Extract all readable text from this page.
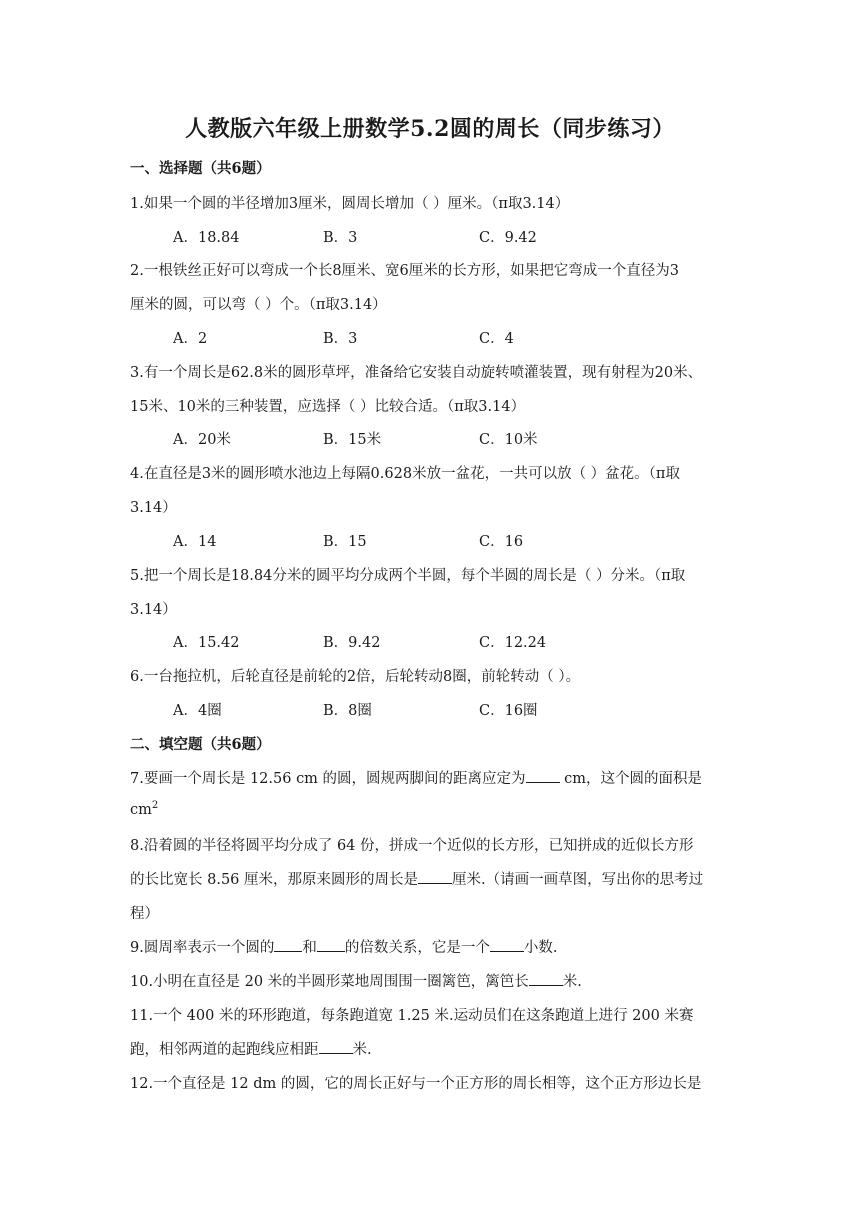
人教版六年级上册数学5.2圆的周长（同步练习）
一、选择题（共6题）
1.如果一个圆的半径增加3厘米，圆周长增加（ ）厘米。（π取3.14）
A．18.84	B．3	C．9.42
2.一根铁丝正好可以弯成一个长8厘米、宽6厘米的长方形，如果把它弯成一个直径为3
厘米的圆，可以弯（ ）个。（π取3.14）
A．2	B．3	C．4
3.有一个周长是62.8米的圆形草坪，准备给它安装自动旋转喷灌装置，现有射程为20米、
15米、10米的三种装置，应选择（ ）比较合适。（π取3.14）
A．20米	B．15米	C．10米
4.在直径是3米的圆形喷水池边上每隔0.628米放一盆花，一共可以放（ ）盆花。（π取
3.14）
A．14	B．15	C．16
5.把一个周长是18.84分米的圆平均分成两个半圆，每个半圆的周长是（ ）分米。（π取
3.14）
A．15.42	B．9.42	C．12.24
6.一台拖拉机，后轮直径是前轮的2倍，后轮转动8圈，前轮转动（ ）。
A．4圈	B．8圈	C．16圈
二、填空题（共6题）
7.要画一个周长是 12.56 cm 的圆，圆规两脚间的距离应定为 cm，这个圆的面积是
$cm^2$
8.沿着圆的半径将圆平均分成了 64 份，拼成一个近似的长方形，已知拼成的近似长方形
的长比宽长 8.56 厘米，那原来圆形的周长是 厘米.（请画一画草图，写出你的思考过
程）
9.圆周率表示一个圆的 和 的倍数关系，它是一个 小数.
10.小明在直径是 20 米的半圆形菜地周围围一圈篱笆，篱笆长 米.
11.一个 400 米的环形跑道，每条跑道宽 1.25 米.运动员们在这条跑道上进行 200 米赛
跑，相邻两道的起跑线应相距 米.
12.一个直径是 12 dm 的圆，它的周长正好与一个正方形的周长相等，这个正方形边长是
